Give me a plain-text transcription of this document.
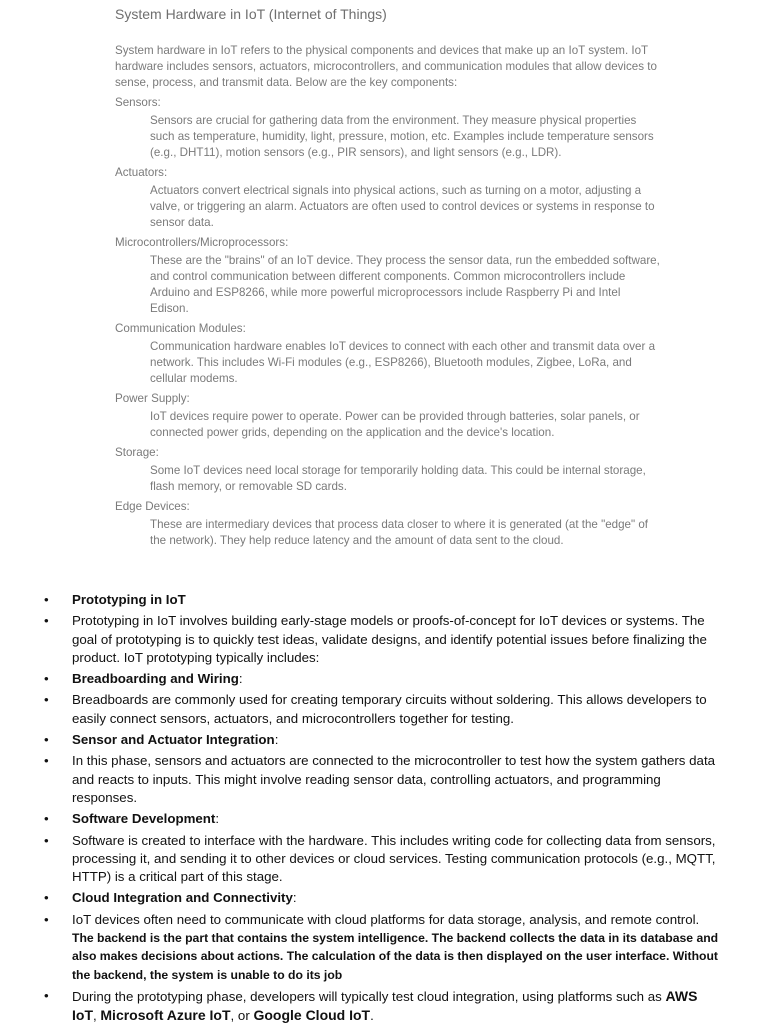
System Hardware in IoT (Internet of Things)

System hardware in IoT refers to the physical components and devices that make up an IoT system. IoT hardware includes sensors, actuators, microcontrollers, and communication modules that allow devices to sense, process, and transmit data. Below are the key components:

Sensors:

Sensors are crucial for gathering data from the environment. They measure physical properties such as temperature, humidity, light, pressure, motion, etc. Examples include temperature sensors (e.g., DHT11), motion sensors (e.g., PIR sensors), and light sensors (e.g., LDR).

Actuators:

Actuators convert electrical signals into physical actions, such as turning on a motor, adjusting a valve, or triggering an alarm. Actuators are often used to control devices or systems in response to sensor data.

Microcontrollers/Microprocessors:

These are the "brains" of an IoT device. They process the sensor data, run the embedded software, and control communication between different components. Common microcontrollers include Arduino and ESP8266, while more powerful microprocessors include Raspberry Pi and Intel Edison.

Communication Modules:

Communication hardware enables IoT devices to connect with each other and transmit data over a network. This includes Wi-Fi modules (e.g., ESP8266), Bluetooth modules, Zigbee, LoRa, and cellular modems.

Power Supply:

IoT devices require power to operate. Power can be provided through batteries, solar panels, or connected power grids, depending on the application and the device's location.

Storage:

Some IoT devices need local storage for temporarily holding data. This could be internal storage, flash memory, or removable SD cards.

Edge Devices:

These are intermediary devices that process data closer to where it is generated (at the "edge" of the network). They help reduce latency and the amount of data sent to the cloud.

• Prototyping in IoT
• Prototyping in IoT involves building early-stage models or proofs-of-concept for IoT devices or systems. The goal of prototyping is to quickly test ideas, validate designs, and identify potential issues before finalizing the product. IoT prototyping typically includes:
• Breadboarding and Wiring:
• Breadboards are commonly used for creating temporary circuits without soldering. This allows developers to easily connect sensors, actuators, and microcontrollers together for testing.
• Sensor and Actuator Integration:
• In this phase, sensors and actuators are connected to the microcontroller to test how the system gathers data and reacts to inputs. This might involve reading sensor data, controlling actuators, and programming responses.
• Software Development:
• Software is created to interface with the hardware. This includes writing code for collecting data from sensors, processing it, and sending it to other devices or cloud services. Testing communication protocols (e.g., MQTT, HTTP) is a critical part of this stage.
• Cloud Integration and Connectivity:
• IoT devices often need to communicate with cloud platforms for data storage, analysis, and remote control. The backend is the part that contains the system intelligence. The backend collects the data in its database and also makes decisions about actions. The calculation of the data is then displayed on the user interface. Without the backend, the system is unable to do its job
• During the prototyping phase, developers will typically test cloud integration, using platforms such as AWS IoT, Microsoft Azure IoT, or Google Cloud IoT.
